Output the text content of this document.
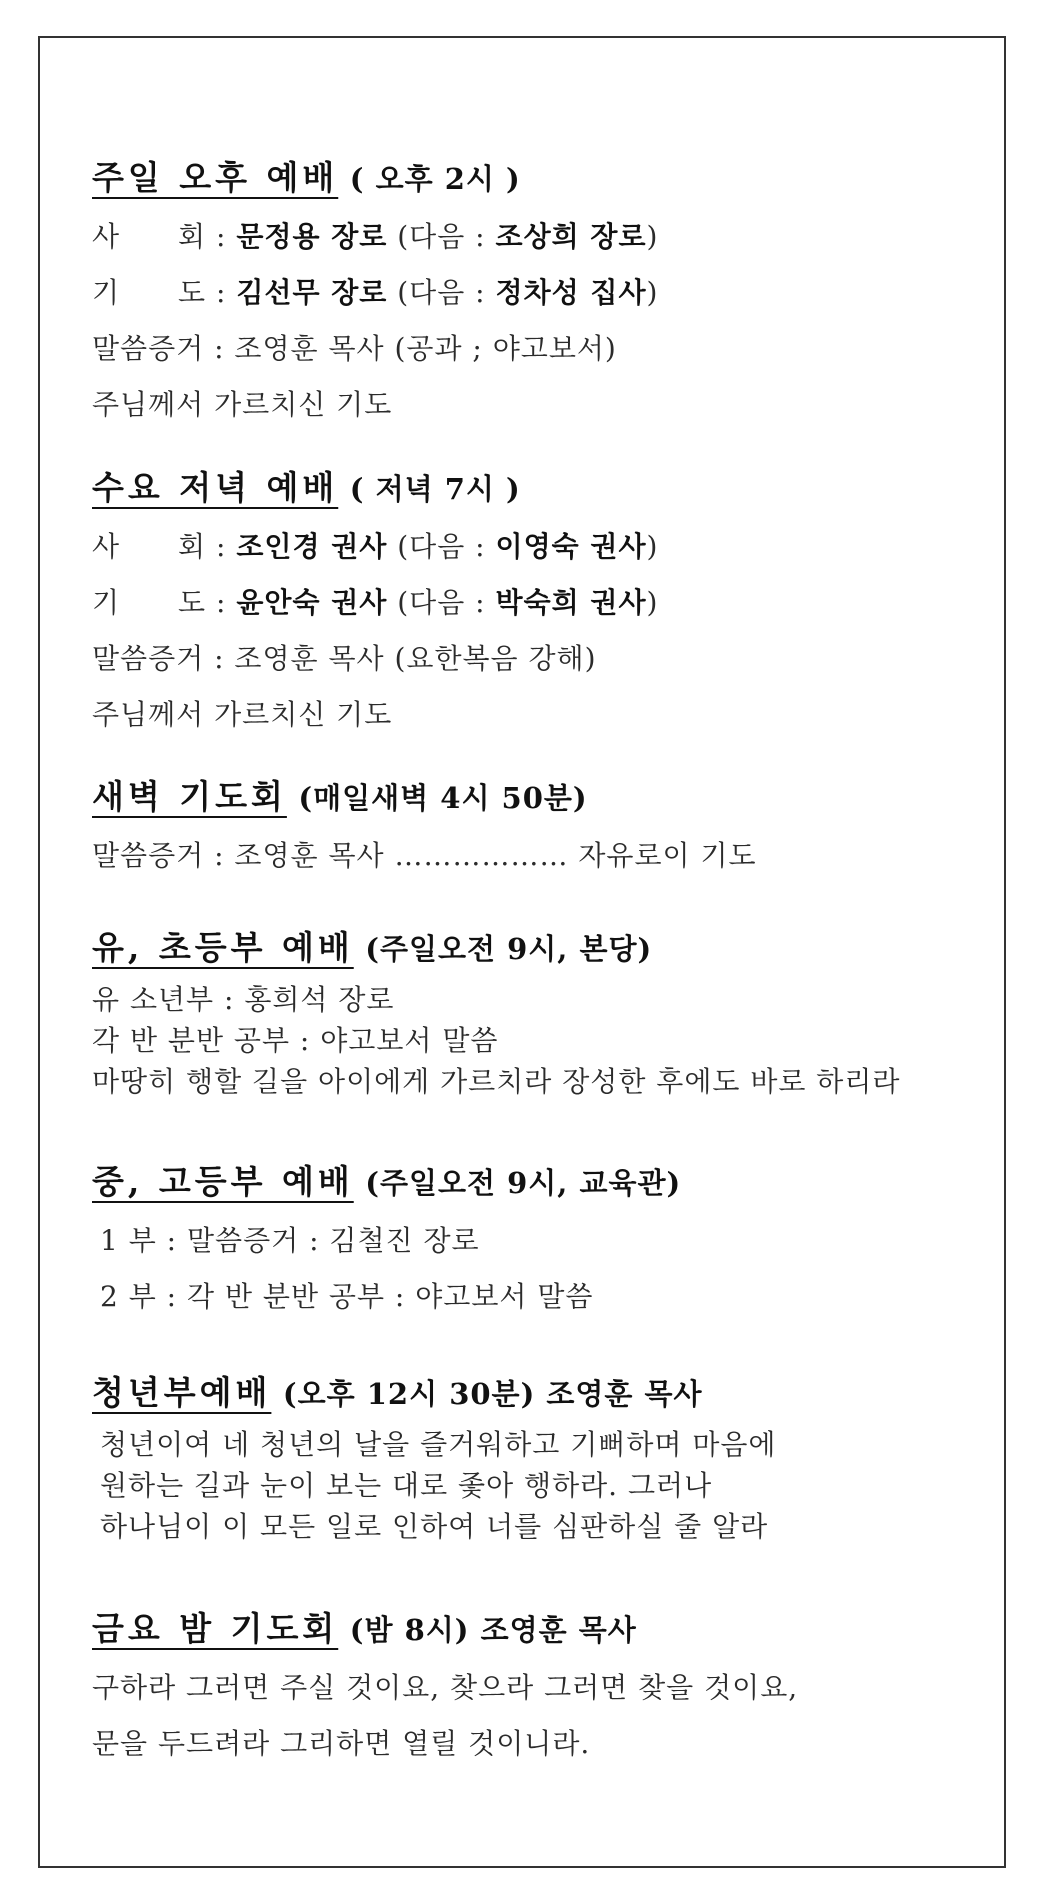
주일 오후 예배 ( 오후 2시 )
사　　회 : 문정용 장로 (다음 : 조상희 장로)
기　　도 : 김선무 장로 (다음 : 정차성 집사)
말씀증거 : 조영훈 목사 (공과 ; 야고보서)
주님께서 가르치신 기도
수요 저녁 예배 ( 저녁 7시 )
사　　회 : 조인경 권사 (다음 : 이영숙 권사)
기　　도 : 윤안숙 권사 (다음 : 박숙희 권사)
말씀증거 : 조영훈 목사 (요한복음 강해)
주님께서 가르치신 기도
새벽 기도회 (매일새벽 4시 50분)
말씀증거 : 조영훈 목사 ……………… 자유로이 기도
유, 초등부 예배 (주일오전 9시, 본당)
유 소년부 : 홍희석 장로
각 반 분반 공부 : 야고보서 말씀
마땅히 행할 길을 아이에게 가르치라 장성한 후에도 바로 하리라
중, 고등부 예배 (주일오전 9시, 교육관)
1 부 : 말씀증거 : 김철진 장로
2 부 : 각 반 분반 공부 : 야고보서 말씀
청년부예배 (오후 12시 30분) 조영훈 목사
청년이여 네 청년의 날을 즐거워하고 기뻐하며 마음에
원하는 길과 눈이 보는 대로 좇아 행하라. 그러나
하나님이 이 모든 일로 인하여 너를 심판하실 줄 알라
금요 밤 기도회 (밤 8시) 조영훈 목사
구하라 그러면 주실 것이요, 찾으라 그러면 찾을 것이요,
문을 두드려라 그리하면 열릴 것이니라.
